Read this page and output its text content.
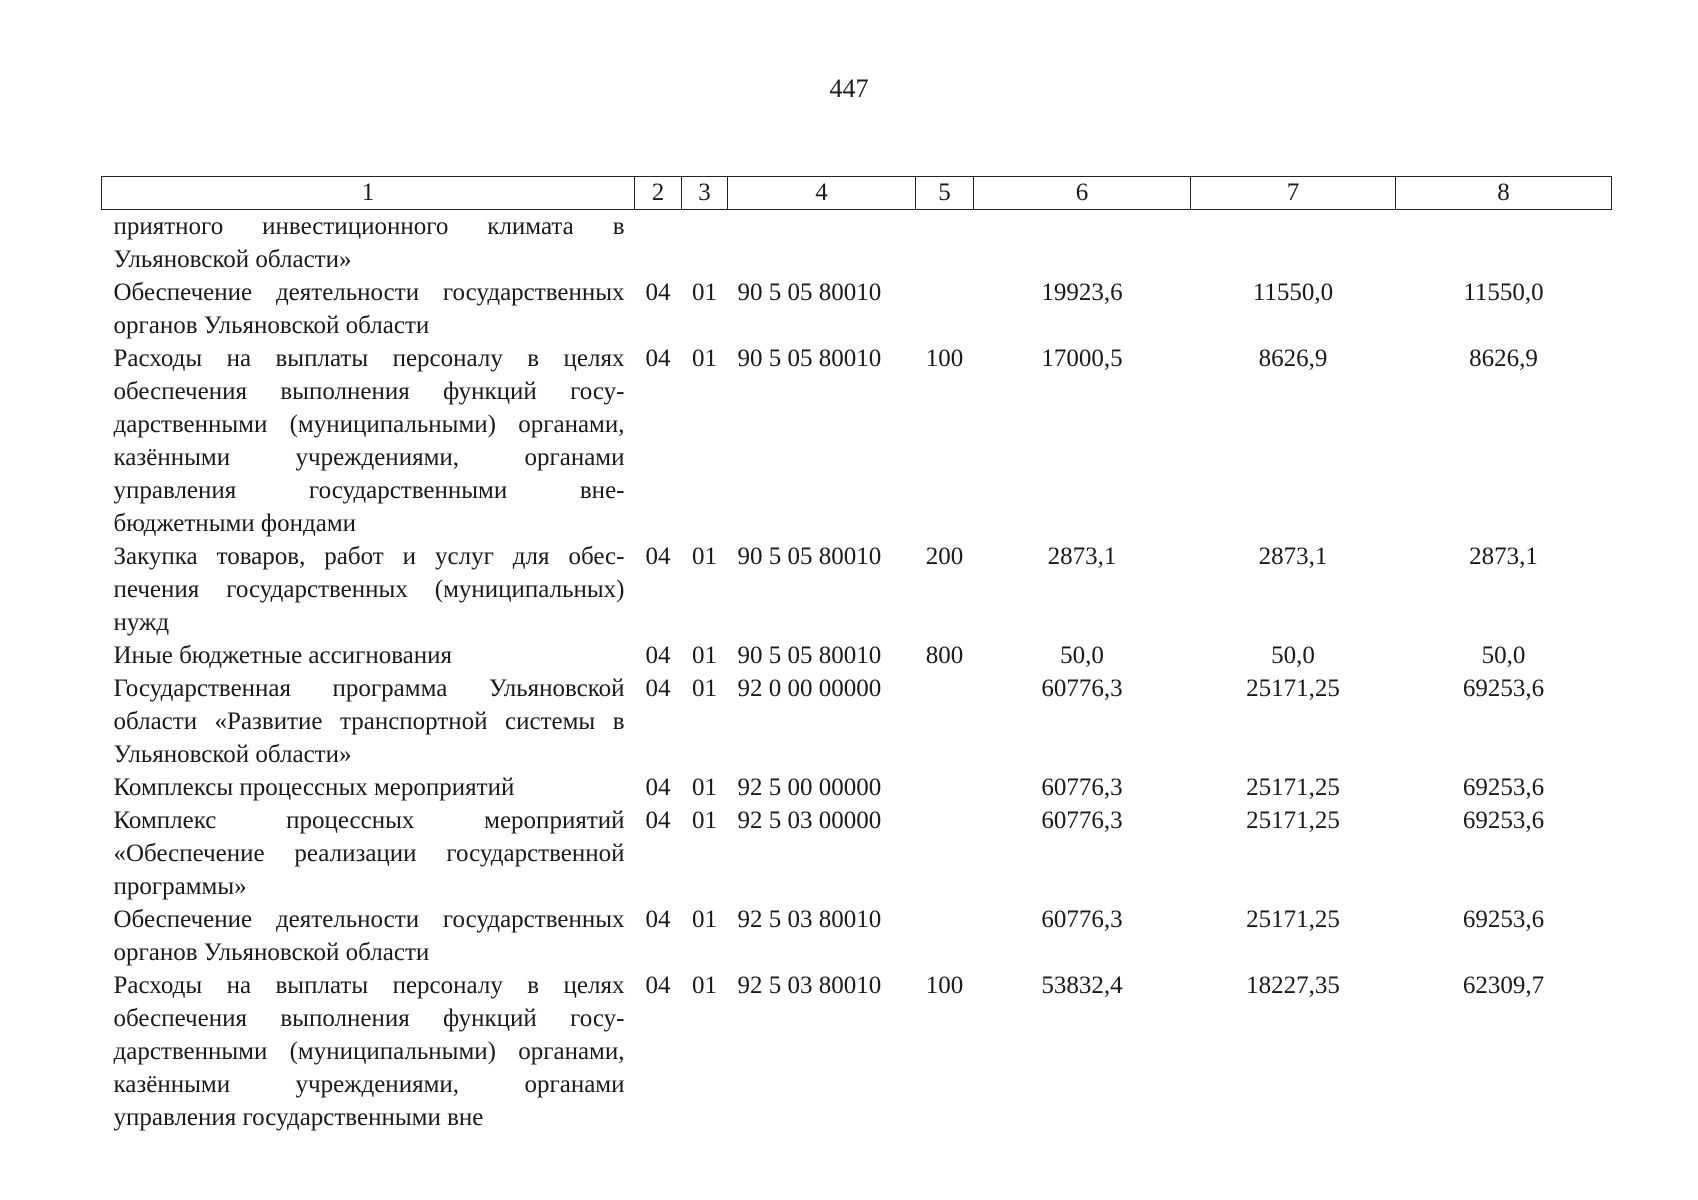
447
1	2	3	4	5	6	7	8
приятного инвестиционного климата в Ульяновской области»							
Обеспечение деятельности государственных органов Ульяновской области	04	01	90 5 05 80010		19923,6	11550,0	11550,0
Расходы на выплаты персоналу в целях обеспечения выполнения функций государственными (муниципальными) органами, казёнными учреждениями, органами управления государственными внебюджетными фондами	04	01	90 5 05 80010	100	17000,5	8626,9	8626,9
Закупка товаров, работ и услуг для обеспечения государственных (муниципальных) нужд	04	01	90 5 05 80010	200	2873,1	2873,1	2873,1
Иные бюджетные ассигнования	04	01	90 5 05 80010	800	50,0	50,0	50,0
Государственная программа Ульяновской области «Развитие транспортной системы в Ульяновской области»	04	01	92 0 00 00000		60776,3	25171,25	69253,6
Комплексы процессных мероприятий	04	01	92 5 00 00000		60776,3	25171,25	69253,6
Комплекс процессных мероприятий «Обеспечение реализации государственной программы»	04	01	92 5 03 00000		60776,3	25171,25	69253,6
Обеспечение деятельности государственных органов Ульяновской области	04	01	92 5 03 80010		60776,3	25171,25	69253,6
Расходы на выплаты персоналу в целях обеспечения выполнения функций государственными (муниципальными) органами, казёнными учреждениями, органами управления государственными вне	04	01	92 5 03 80010	100	53832,4	18227,35	62309,7
